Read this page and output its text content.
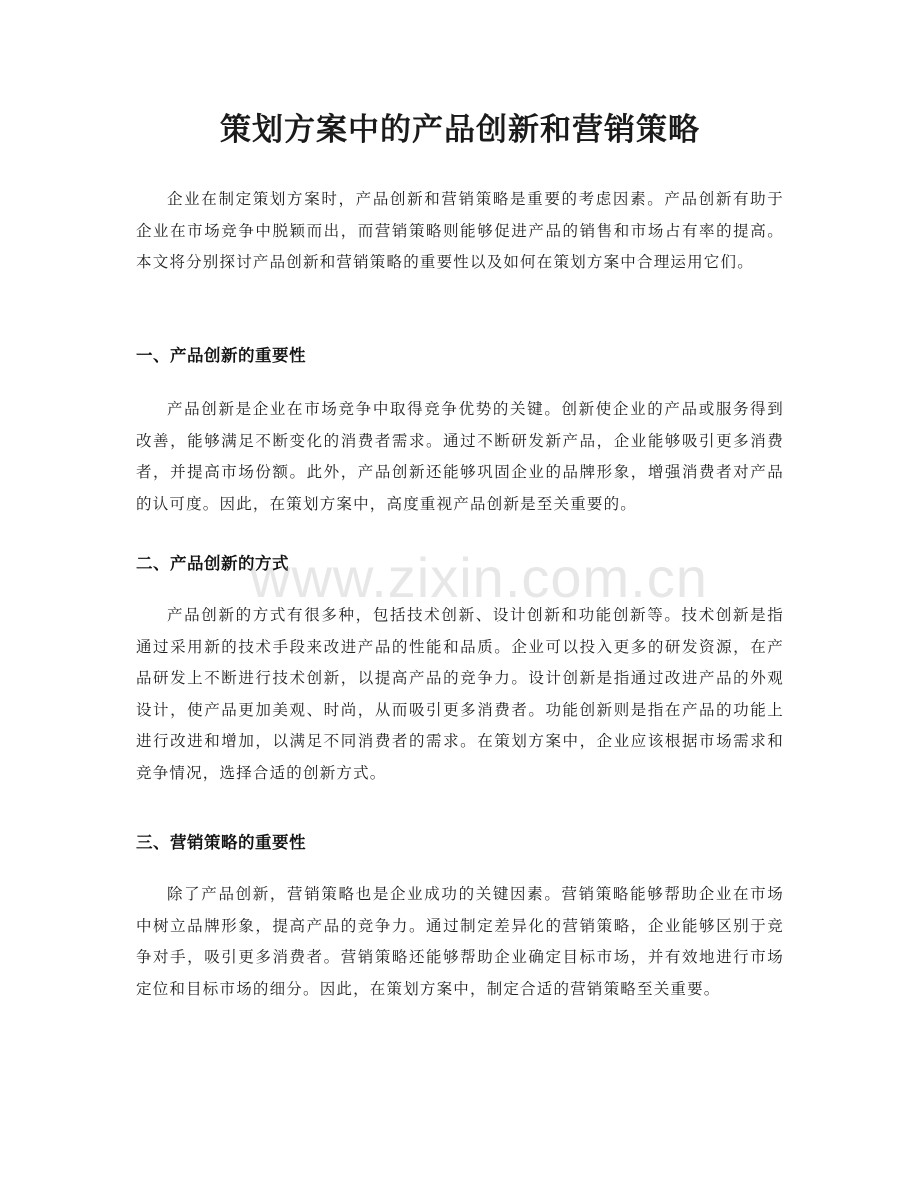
策划方案中的产品创新和营销策略

企业在制定策划方案时，产品创新和营销策略是重要的考虑因素。产品创新有助于企业在市场竞争中脱颖而出，而营销策略则能够促进产品的销售和市场占有率的提高。本文将分别探讨产品创新和营销策略的重要性以及如何在策划方案中合理运用它们。

一、产品创新的重要性

产品创新是企业在市场竞争中取得竞争优势的关键。创新使企业的产品或服务得到改善，能够满足不断变化的消费者需求。通过不断研发新产品，企业能够吸引更多消费者，并提高市场份额。此外，产品创新还能够巩固企业的品牌形象，增强消费者对产品的认可度。因此，在策划方案中，高度重视产品创新是至关重要的。

二、产品创新的方式

产品创新的方式有很多种，包括技术创新、设计创新和功能创新等。技术创新是指通过采用新的技术手段来改进产品的性能和品质。企业可以投入更多的研发资源，在产品研发上不断进行技术创新，以提高产品的竞争力。设计创新是指通过改进产品的外观设计，使产品更加美观、时尚，从而吸引更多消费者。功能创新则是指在产品的功能上进行改进和增加，以满足不同消费者的需求。在策划方案中，企业应该根据市场需求和竞争情况，选择合适的创新方式。

三、营销策略的重要性

除了产品创新，营销策略也是企业成功的关键因素。营销策略能够帮助企业在市场中树立品牌形象，提高产品的竞争力。通过制定差异化的营销策略，企业能够区别于竞争对手，吸引更多消费者。营销策略还能够帮助企业确定目标市场，并有效地进行市场定位和目标市场的细分。因此，在策划方案中，制定合适的营销策略至关重要。

www.zixin.com.cn
